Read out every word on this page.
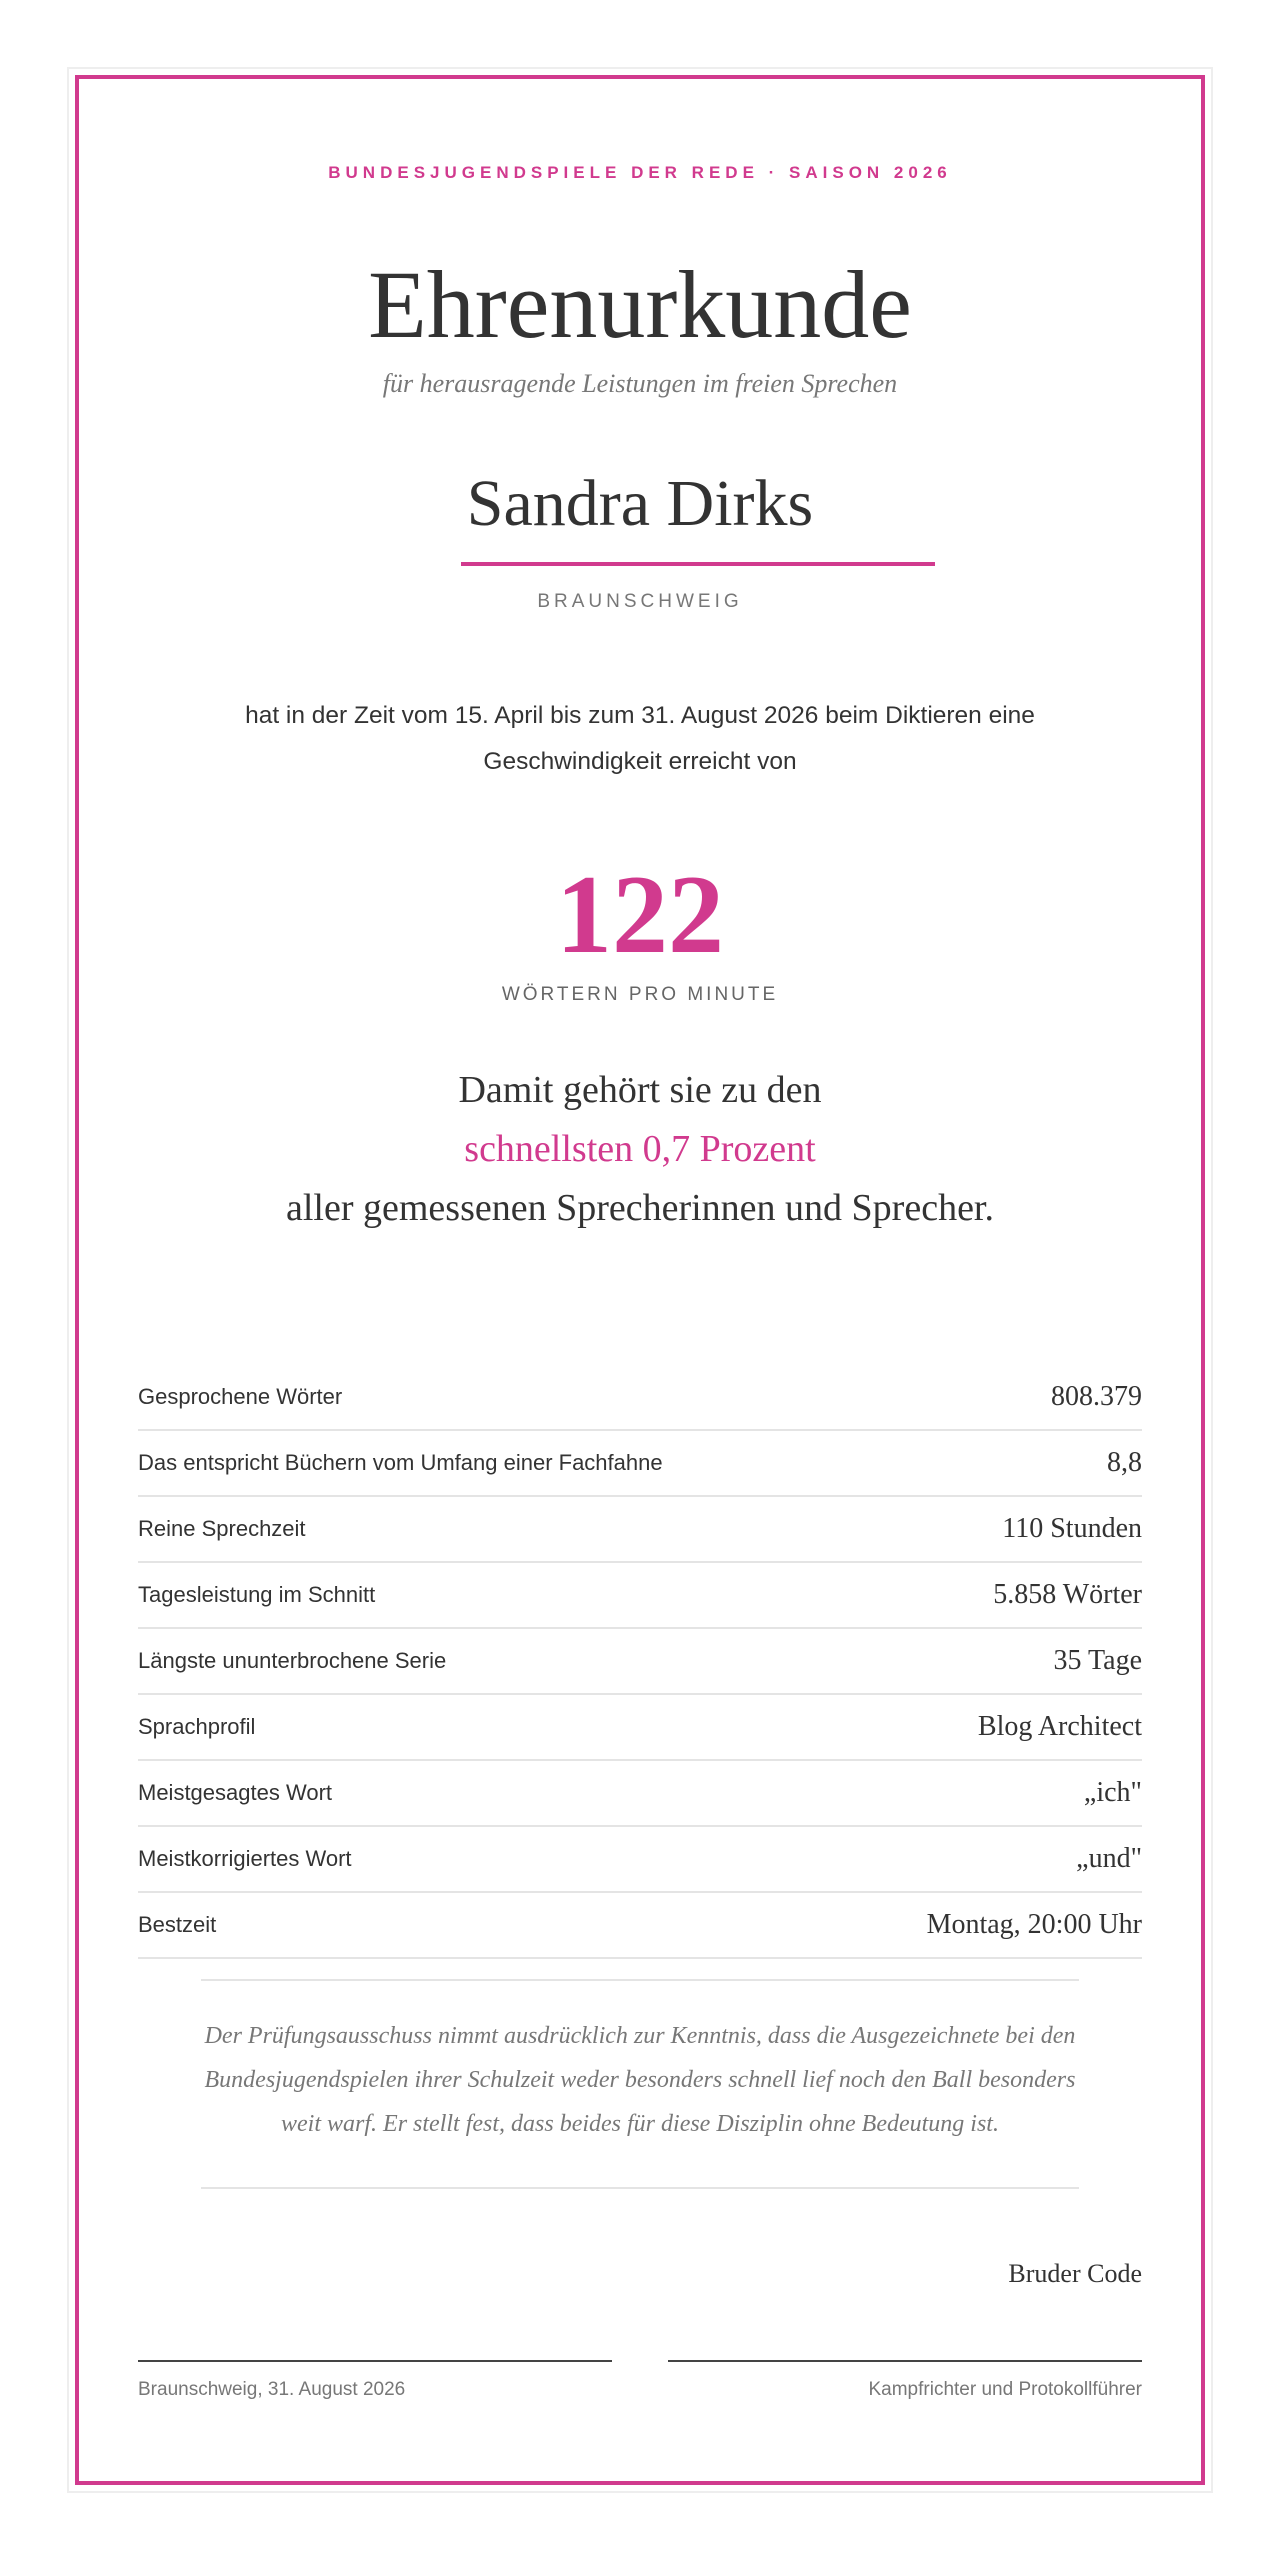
BUNDESJUGENDSPIELE DER REDE · SAISON 2026
Ehrenurkunde
für herausragende Leistungen im freien Sprechen
Sandra Dirks
BRAUNSCHWEIG
hat in der Zeit vom 15. April bis zum 31. August 2026 beim Diktieren eine Geschwindigkeit erreicht von
122
WÖRTERN PRO MINUTE
Damit gehört sie zu den
schnellsten 0,7 Prozent
aller gemessenen Sprecherinnen und Sprecher.
Gesprochene Wörter	808.379
Das entspricht Büchern vom Umfang einer Fachfahne	8,8
Reine Sprechzeit	110 Stunden
Tagesleistung im Schnitt	5.858 Wörter
Längste ununterbrochene Serie	35 Tage
Sprachprofil	Blog Architect
Meistgesagtes Wort	„ich"
Meistkorrigiertes Wort	„und"
Bestzeit	Montag, 20:00 Uhr
Der Prüfungsausschuss nimmt ausdrücklich zur Kenntnis, dass die Ausgezeichnete bei den Bundesjugendspielen ihrer Schulzeit weder besonders schnell lief noch den Ball besonders weit warf. Er stellt fest, dass beides für diese Disziplin ohne Bedeutung ist.
Bruder Code
Braunschweig, 31. August 2026	Kampfrichter und Protokollführer
